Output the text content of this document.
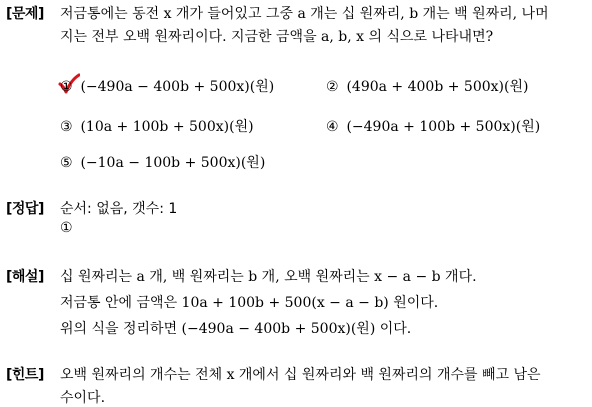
[문제] 저금통에는 동전 x 개가 들어있고 그중 a 개는 십 원짜리, b 개는 백 원짜리, 나머
지는 전부 오백 원짜리이다. 지금한 금액을 a, b, x 의 식으로 나타내면?
① (−490a − 400b + 500x)(원)	② (490a + 400b + 500x)(원)
③ (10a + 100b + 500x)(원)	④ (−490a + 100b + 500x)(원)
⑤ (−10a − 100b + 500x)(원)
[정답] 순서: 없음, 갯수: 1
①
[해설] 십 원짜리는 a 개, 백 원짜리는 b 개, 오백 원짜리는 x − a − b 개다.
저금통 안에 금액은 10a + 100b + 500(x − a − b) 원이다.
위의 식을 정리하면 (−490a − 400b + 500x)(원) 이다.
[힌트] 오백 원짜리의 개수는 전체 x 개에서 십 원짜리와 백 원짜리의 개수를 빼고 남은
수이다.
